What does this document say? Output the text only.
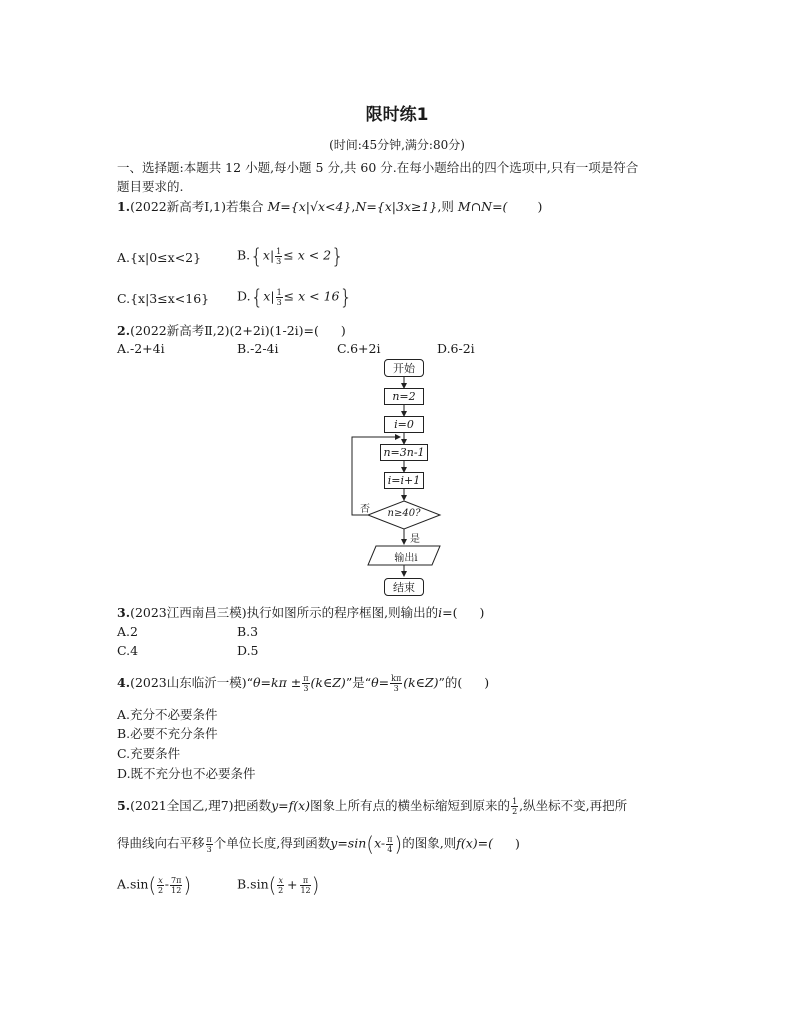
限时练1
(时间:45分钟,满分:80分)
一、选择题:本题共 12 小题,每小题 5 分,共 60 分.在每小题给出的四个选项中,只有一项是符合
题目要求的.
1.(2022新高考Ⅰ,1)若集合 M={x|√x<4},N={x|3x≥1},则 M∩N=( )
A.{x|0≤x<2}	$B.\{x| \frac{1}{3} \le x < 2\}$
C.{x|3≤x<16} $D.\{x| \frac{1}{3} \le x < 16\}$
2.(2022新高考Ⅱ,2)(2+2i)(1-2i)=( )
A.-2+4i	B.-2-4i	C.6+2i	D.6-2i
开始
n=2
i=0
n=3n-1
i=i+1
n≥40?
否
是
输出i
结束
3.(2023江西南昌三模)执行如图所示的程序框图,则输出的i=( )
A.2	B.3
C.4	D.5
4.(2023山东临沂一模)“θ=kπ ± $\frac{\pi}{3}$ (k∈Z)”是“$\theta= \frac{k\pi}{3}$ (k∈Z)”的( )
A.充分不必要条件
B.必要不充分条件
C.充要条件
D.既不充分也不必要条件
5.(2021全国乙,理7)把函数y=f(x)图象上所有点的横坐标缩短到原来的 $\frac{1}{2}$ ,纵坐标不变,再把所
得曲线向右平移 $\frac{\pi}{3}$ 个单位长度,得到函数$y=\sin(x- \frac{\pi}{4}$ )的图象,则f(x)=( )
$A.\sin( \frac{x}{2} - \frac{7\pi}{12}$ )	$B.\sin( \frac{x}{2} + \frac{\pi}{12}$ )
